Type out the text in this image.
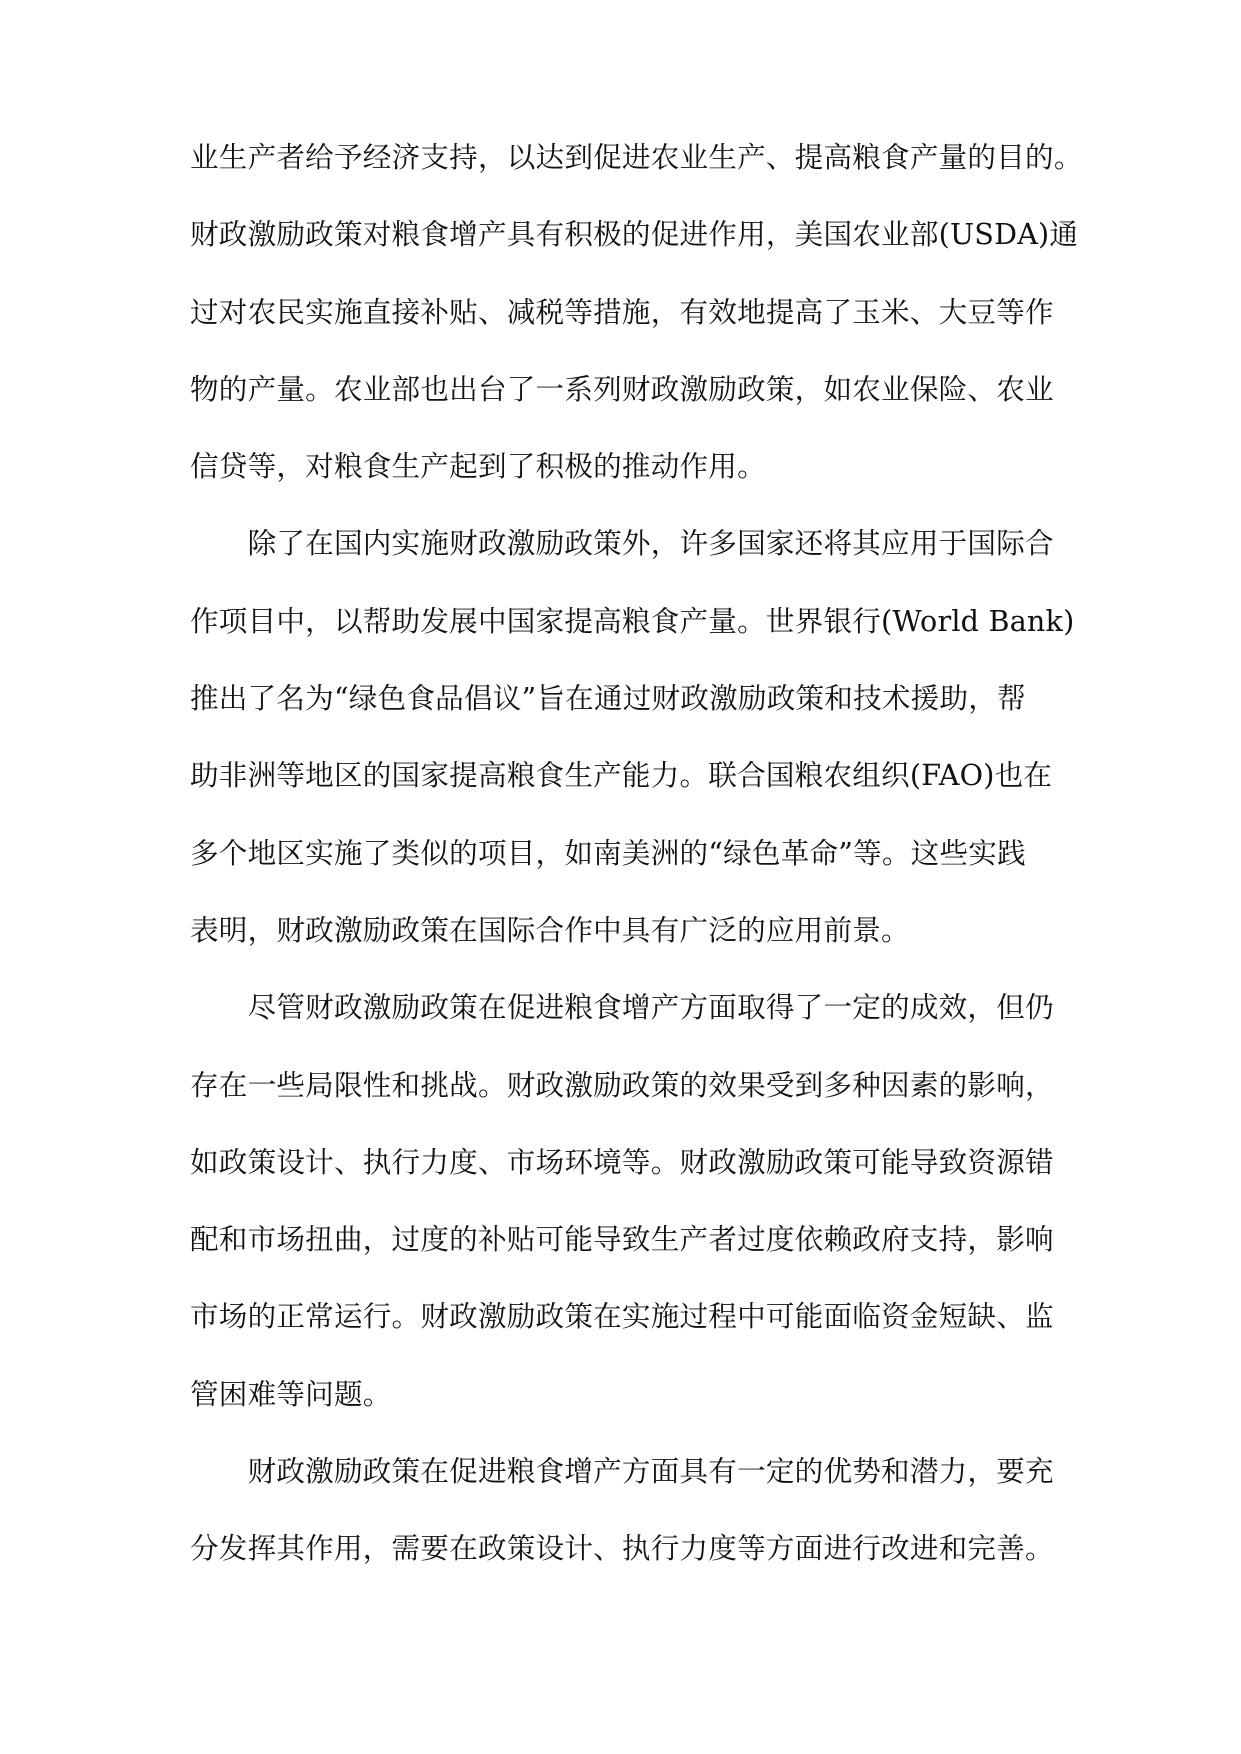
业生产者给予经济支持，以达到促进农业生产、提高粮食产量的目的。
财政激励政策对粮食增产具有积极的促进作用，美国农业部(USDA)通
过对农民实施直接补贴、减税等措施，有效地提高了玉米、大豆等作
物的产量。农业部也出台了一系列财政激励政策，如农业保险、农业
信贷等，对粮食生产起到了积极的推动作用。
　　除了在国内实施财政激励政策外，许多国家还将其应用于国际合
作项目中，以帮助发展中国家提高粮食产量。世界银行(World Bank)
推出了名为“绿色食品倡议”旨在通过财政激励政策和技术援助，帮
助非洲等地区的国家提高粮食生产能力。联合国粮农组织(FAO)也在
多个地区实施了类似的项目，如南美洲的“绿色革命”等。这些实践
表明，财政激励政策在国际合作中具有广泛的应用前景。
　　尽管财政激励政策在促进粮食增产方面取得了一定的成效，但仍
存在一些局限性和挑战。财政激励政策的效果受到多种因素的影响，
如政策设计、执行力度、市场环境等。财政激励政策可能导致资源错
配和市场扭曲，过度的补贴可能导致生产者过度依赖政府支持，影响
市场的正常运行。财政激励政策在实施过程中可能面临资金短缺、监
管困难等问题。
　　财政激励政策在促进粮食增产方面具有一定的优势和潜力，要充
分发挥其作用，需要在政策设计、执行力度等方面进行改进和完善。
